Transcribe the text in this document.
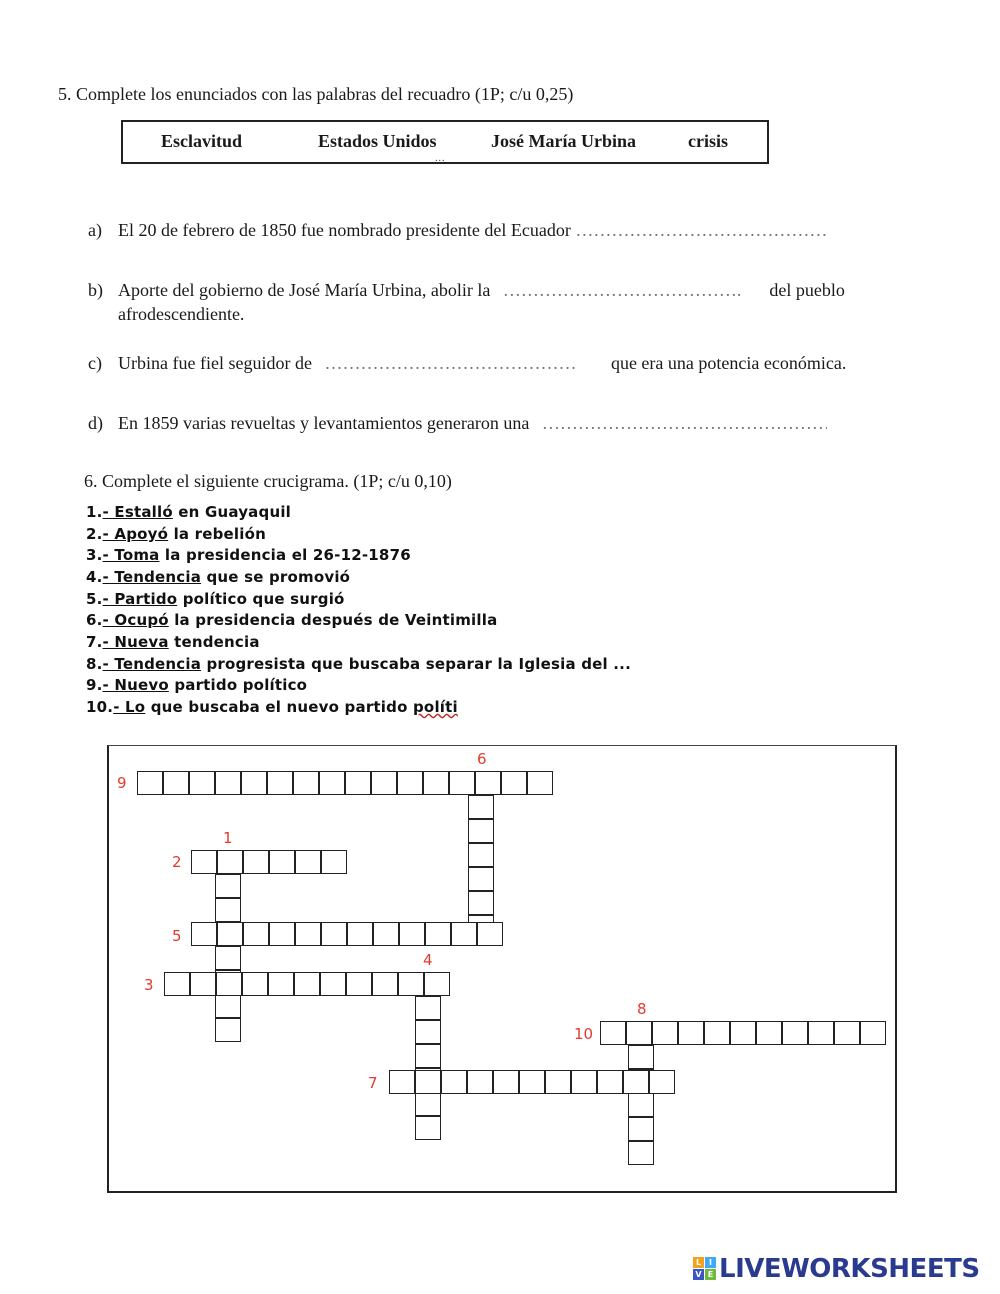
5. Complete los enunciados con las palabras del recuadro (1P; c/u 0,25)
Esclavitud	Estados Unidos	José María Urbina	crisis
...
a) El 20 de febrero de 1850 fue nombrado presidente del Ecuador ……………………………………
b) Aporte del gobierno de José María Urbina, abolir la ………………………………….	del pueblo
afrodescendiente.
c) Urbina fue fiel seguidor de ……………………………………	que era una potencia económica.
d) En 1859 varias revueltas y levantamientos generaron una …………………………………………
6. Complete el siguiente crucigrama. (1P; c/u 0,10)
1.- Estalló en Guayaquil
2.- Apoyó la rebelión
3.- Toma la presidencia el 26-12-1876
4.- Tendencia que se promovió
5.- Partido político que surgió
6.- Ocupó la presidencia después de Veintimilla
7.- Nueva tendencia
8.- Tendencia progresista que buscaba separar la Iglesia del ...
9.- Nuevo partido político
10.- Lo que buscaba el nuevo partido políti
9
6
1
2
5
4
3
8
10
7
L I
V E LIVEWORKSHEETS
